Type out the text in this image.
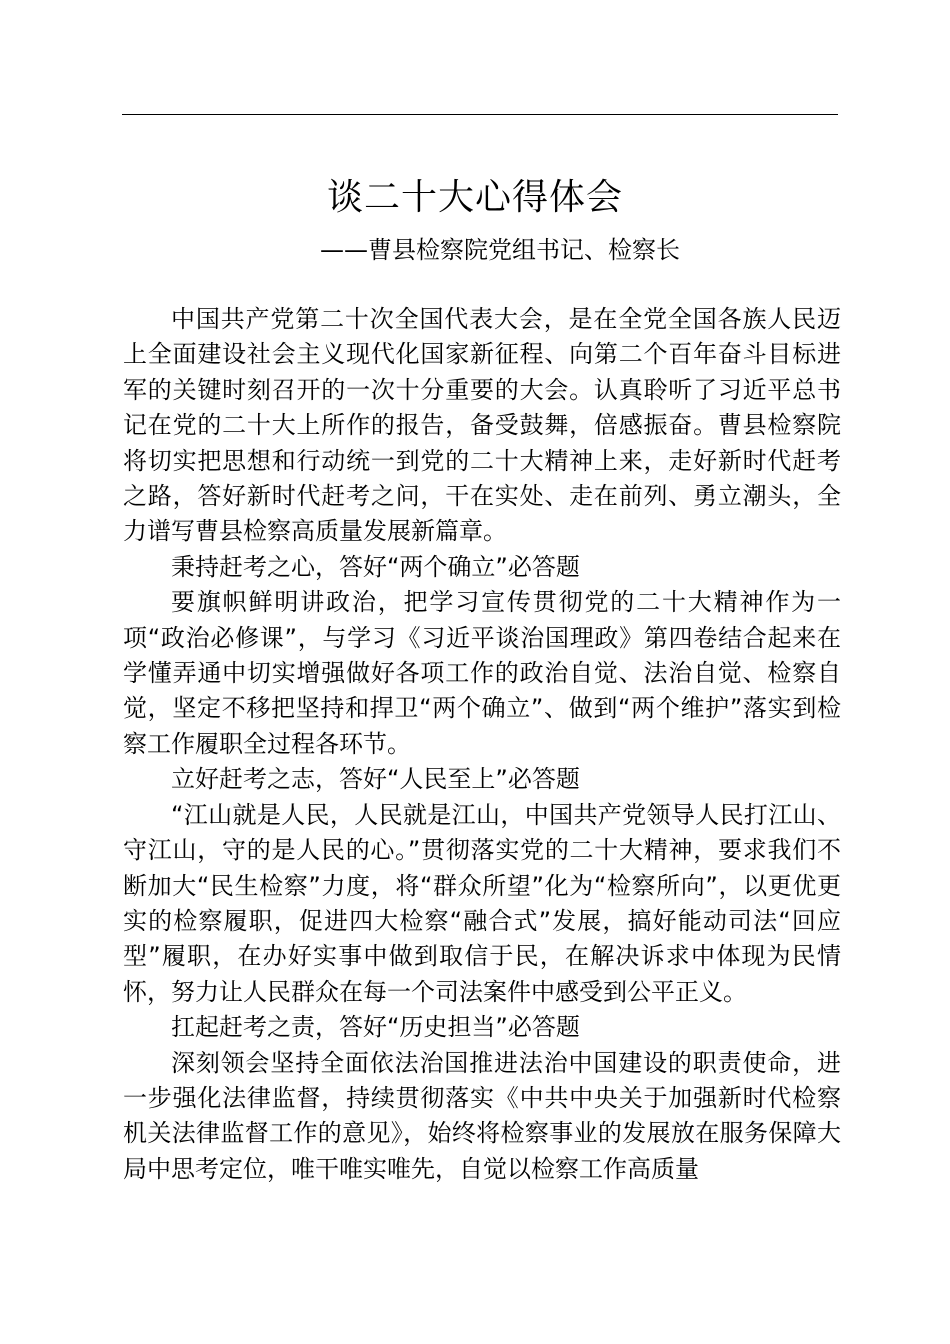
谈二十大心得体会
——曹县检察院党组书记、检察长

中国共产党第二十次全国代表大会，是在全党全国各族人民迈上全面建设社会主义现代化国家新征程、向第二个百年奋斗目标进军的关键时刻召开的一次十分重要的大会。认真聆听了习近平总书记在党的二十大上所作的报告，备受鼓舞，倍感振奋。曹县检察院将切实把思想和行动统一到党的二十大精神上来，走好新时代赶考之路，答好新时代赶考之问，干在实处、走在前列、勇立潮头，全力谱写曹县检察高质量发展新篇章。

秉持赶考之心，答好“两个确立”必答题

要旗帜鲜明讲政治，把学习宣传贯彻党的二十大精神作为一项“政治必修课”，与学习《习近平谈治国理政》第四卷结合起来在学懂弄通中切实增强做好各项工作的政治自觉、法治自觉、检察自觉，坚定不移把坚持和捍卫“两个确立”、做到“两个维护”落实到检察工作履职全过程各环节。

立好赶考之志，答好“人民至上”必答题

“江山就是人民，人民就是江山，中国共产党领导人民打江山、守江山，守的是人民的心。”贯彻落实党的二十大精神，要求我们不断加大“民生检察”力度，将“群众所望”化为“检察所向”，以更优更实的检察履职，促进四大检察“融合式”发展，搞好能动司法“回应型”履职，在办好实事中做到取信于民，在解决诉求中体现为民情怀，努力让人民群众在每一个司法案件中感受到公平正义。

扛起赶考之责，答好“历史担当”必答题

深刻领会坚持全面依法治国推进法治中国建设的职责使命，进一步强化法律监督，持续贯彻落实《中共中央关于加强新时代检察机关法律监督工作的意见》，始终将检察事业的发展放在服务保障大局中思考定位，唯干唯实唯先，自觉以检察工作高质量
